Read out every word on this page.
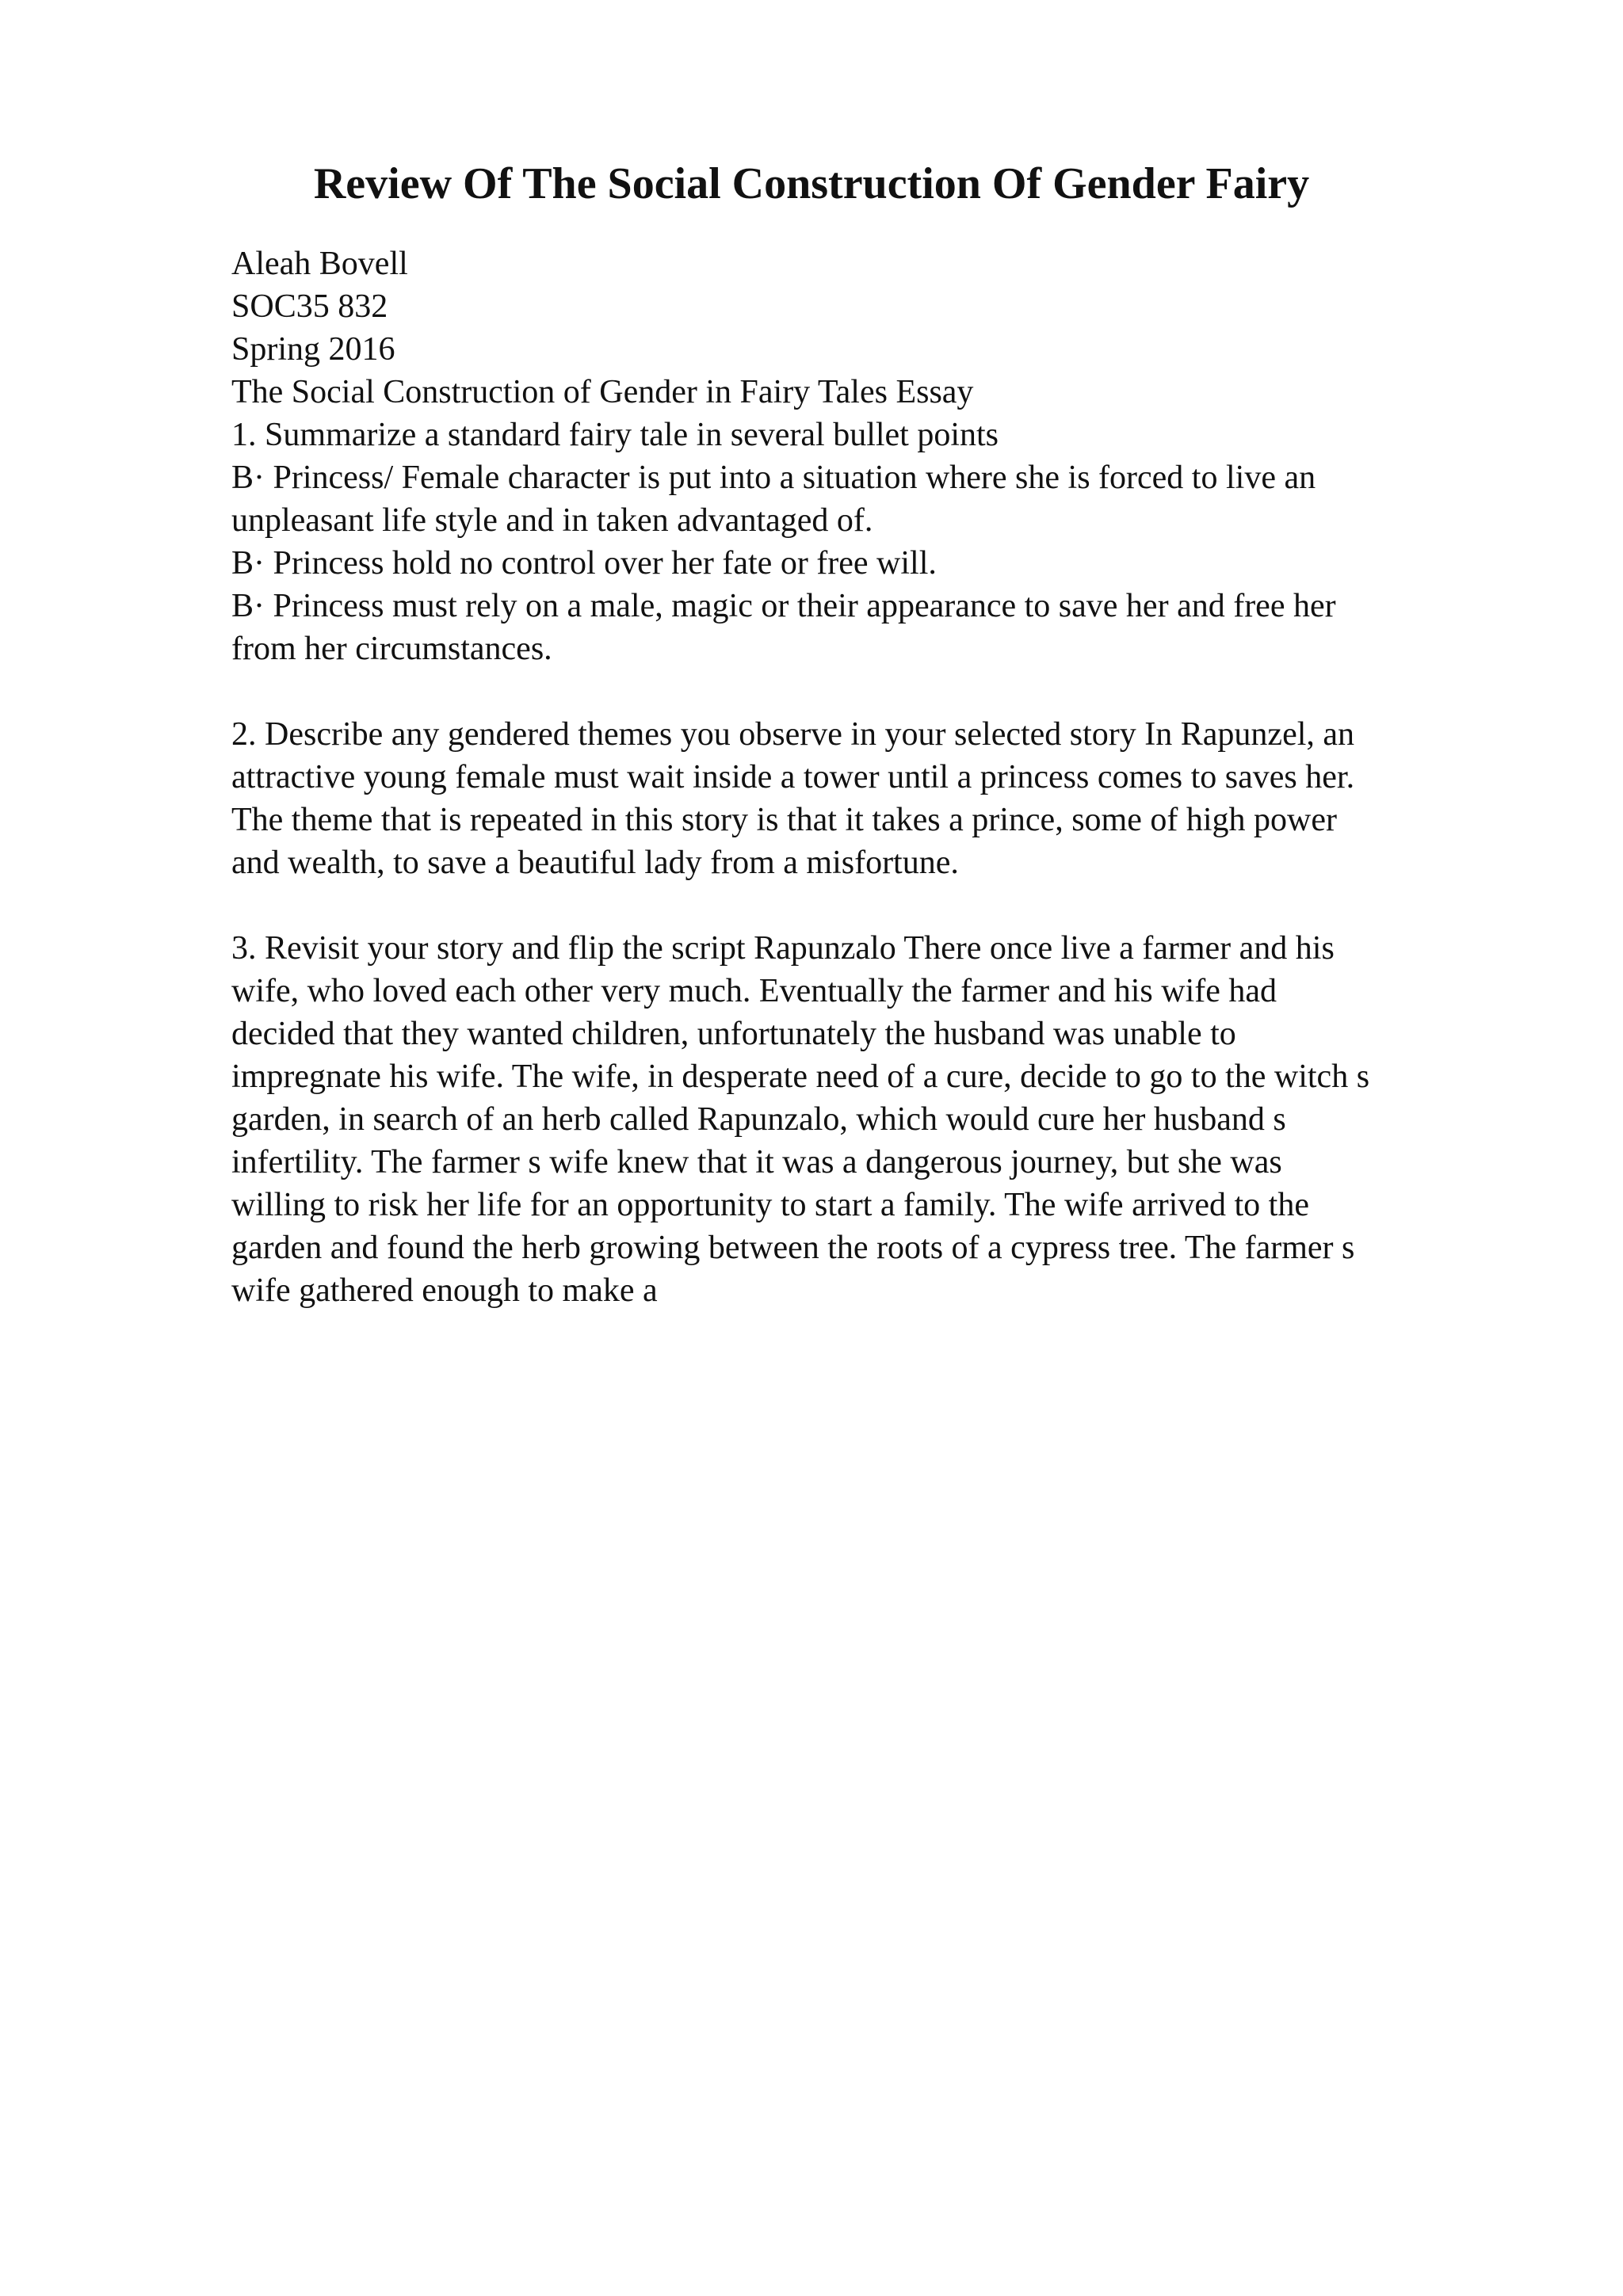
Review Of The Social Construction Of Gender Fairy

Aleah Bovell

SOC35 832

Spring 2016

The Social Construction of Gender in Fairy Tales Essay

1. Summarize a standard fairy tale in several bullet points

B· Princess/ Female character is put into a situation where she is forced to live an

unpleasant life style and in taken advantaged of.

B· Princess hold no control over her fate or free will.

B· Princess must rely on a male, magic or their appearance to save her and free her

from her circumstances.

2. Describe any gendered themes you observe in your selected story In Rapunzel, an

attractive young female must wait inside a tower until a princess comes to saves her.

The theme that is repeated in this story is that it takes a prince, some of high power

and wealth, to save a beautiful lady from a misfortune.

3. Revisit your story and flip the script Rapunzalo There once live a farmer and his

wife, who loved each other very much. Eventually the farmer and his wife had

decided that they wanted children, unfortunately the husband was unable to

impregnate his wife. The wife, in desperate need of a cure, decide to go to the witch s

garden, in search of an herb called Rapunzalo, which would cure her husband s

infertility. The farmer s wife knew that it was a dangerous journey, but she was

willing to risk her life for an opportunity to start a family. The wife arrived to the

garden and found the herb growing between the roots of a cypress tree. The farmer s

wife gathered enough to make a
